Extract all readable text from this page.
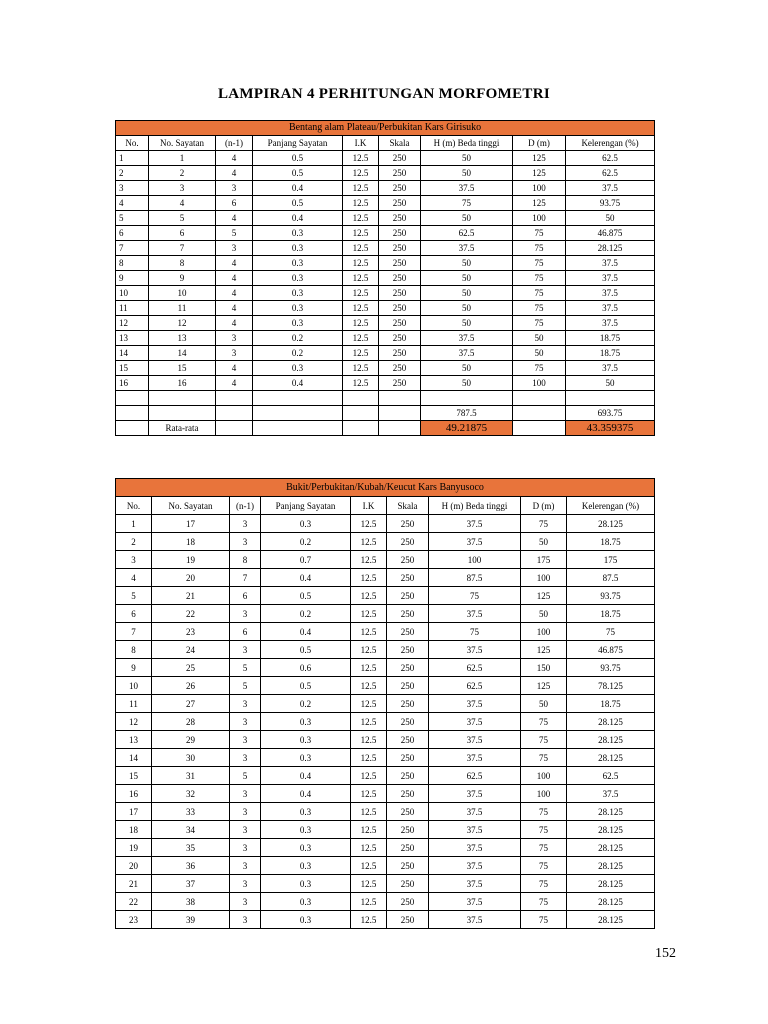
LAMPIRAN 4 PERHITUNGAN MORFOMETRI
Bentang alam Plateau/Perbukitan Kars Girisuko								
No.	No. Sayatan	(n-1)	Panjang Sayatan	I.K	Skala	H (m) Beda tinggi	D (m)	Kelerengan (%)
1	1	4	0.5	12.5	250	50	125	62.5
2	2	4	0.5	12.5	250	50	125	62.5
3	3	3	0.4	12.5	250	37.5	100	37.5
4	4	6	0.5	12.5	250	75	125	93.75
5	5	4	0.4	12.5	250	50	100	50
6	6	5	0.3	12.5	250	62.5	75	46.875
7	7	3	0.3	12.5	250	37.5	75	28.125
8	8	4	0.3	12.5	250	50	75	37.5
9	9	4	0.3	12.5	250	50	75	37.5
10	10	4	0.3	12.5	250	50	75	37.5
11	11	4	0.3	12.5	250	50	75	37.5
12	12	4	0.3	12.5	250	50	75	37.5
13	13	3	0.2	12.5	250	37.5	50	18.75
14	14	3	0.2	12.5	250	37.5	50	18.75
15	15	4	0.3	12.5	250	50	75	37.5
16	16	4	0.4	12.5	250	50	100	50

						787.5		693.75
	Rata-rata					49.21875		43.359375
Bukit/Perbukitan/Kubah/Keucut Kars Banyusoco								
No.	No. Sayatan	(n-1)	Panjang Sayatan	I.K	Skala	H (m) Beda tinggi	D (m)	Kelerengan (%)
1	17	3	0.3	12.5	250	37.5	75	28.125
2	18	3	0.2	12.5	250	37.5	50	18.75
3	19	8	0.7	12.5	250	100	175	175
4	20	7	0.4	12.5	250	87.5	100	87.5
5	21	6	0.5	12.5	250	75	125	93.75
6	22	3	0.2	12.5	250	37.5	50	18.75
7	23	6	0.4	12.5	250	75	100	75
8	24	3	0.5	12.5	250	37.5	125	46.875
9	25	5	0.6	12.5	250	62.5	150	93.75
10	26	5	0.5	12.5	250	62.5	125	78.125
11	27	3	0.2	12.5	250	37.5	50	18.75
12	28	3	0.3	12.5	250	37.5	75	28.125
13	29	3	0.3	12.5	250	37.5	75	28.125
14	30	3	0.3	12.5	250	37.5	75	28.125
15	31	5	0.4	12.5	250	62.5	100	62.5
16	32	3	0.4	12.5	250	37.5	100	37.5
17	33	3	0.3	12.5	250	37.5	75	28.125
18	34	3	0.3	12.5	250	37.5	75	28.125
19	35	3	0.3	12.5	250	37.5	75	28.125
20	36	3	0.3	12.5	250	37.5	75	28.125
21	37	3	0.3	12.5	250	37.5	75	28.125
22	38	3	0.3	12.5	250	37.5	75	28.125
23	39	3	0.3	12.5	250	37.5	75	28.125
152
